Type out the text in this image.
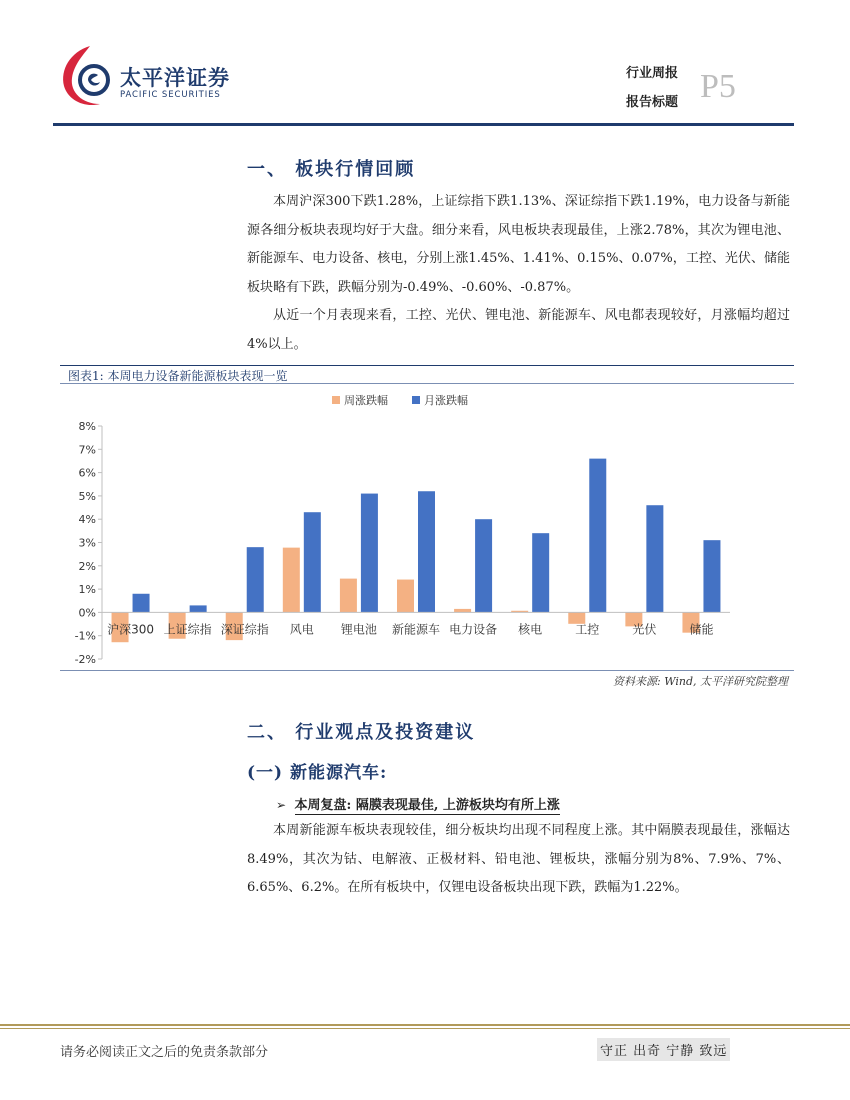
太平洋证券
PACIFIC SECURITIES
行业周报
报告标题 P5
一、 板块行情回顾
本周沪深300下跌1.28%，上证综指下跌1.13%、深证综指下跌1.19%，电力设备与新能源各细分板块表现均好于大盘。细分来看，风电板块表现最佳，上涨2.78%，其次为锂电池、新能源车、电力设备、核电，分别上涨1.45%、1.41%、0.15%、0.07%，工控、光伏、储能板块略有下跌，跌幅分别为-0.49%、-0.60%、-0.87%。
从近一个月表现来看，工控、光伏、锂电池、新能源车、风电都表现较好，月涨幅均超过4%以上。
图表1: 本周电力设备新能源板块表现一览
8%
7%
6%
5%
4%
3%
2%
1%
0%
-1%
-2%
沪深300 上证综指 深证综指 风电 锂电池 新能源车 电力设备 核电	工控	光伏	储能
周涨跌幅	月涨跌幅
资料来源: Wind, 太平洋研究院整理
二、 行业观点及投资建议
(一) 新能源汽车:
➢ 本周复盘: 隔膜表现最佳, 上游板块均有所上涨
本周新能源车板块表现较佳，细分板块均出现不同程度上涨。其中隔膜表现最佳，涨幅达8.49%，其次为钴、电解液、正极材料、铅电池、锂板块，涨幅分别为8%、7.9%、7%、6.65%、6.2%。在所有板块中，仅锂电设备板块出现下跌，跌幅为1.22%。
请务必阅读正文之后的免责条款部分	守正 出奇 宁静 致远
